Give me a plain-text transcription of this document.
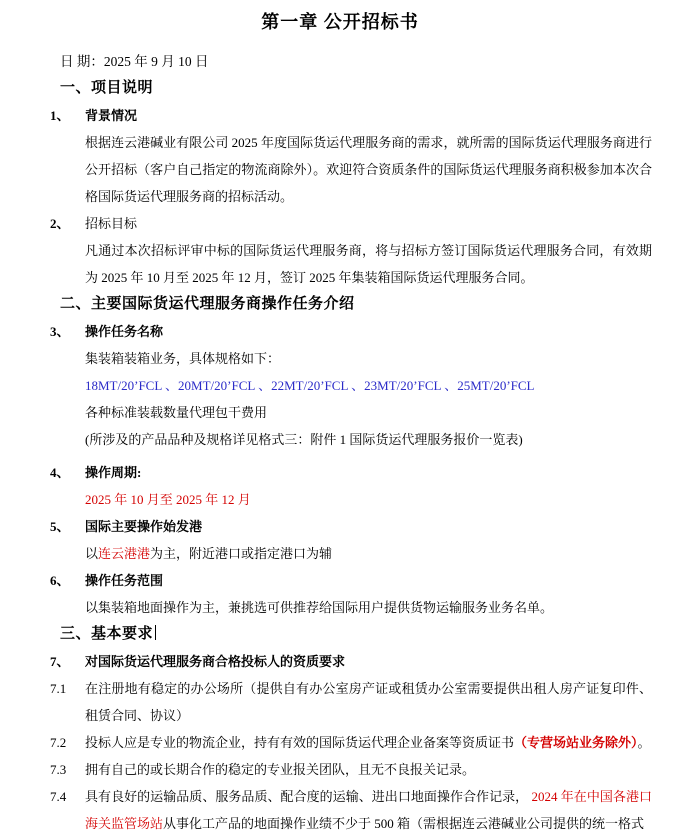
第一章 公开招标书
日 期：2025 年 9 月 10 日
一、项目说明
1、	背景情况
根据连云港碱业有限公司 2025 年度国际货运代理服务商的需求，就所需的国际货运代理服务商进行公开招标（客户自己指定的物流商除外）。欢迎符合资质条件的国际货运代理服务商积极参加本次合格国际货运代理服务商的招标活动。
2、	招标目标
凡通过本次招标评审中标的国际货运代理服务商，将与招标方签订国际货运代理服务合同，有效期为 2025 年 10 月至 2025 年 12 月，签订 2025 年集装箱国际货运代理服务合同。
二、主要国际货运代理服务商操作任务介绍
3、	操作任务名称
集装箱装箱业务，具体规格如下：
18MT/20’FCL 、20MT/20’FCL 、22MT/20’FCL 、23MT/20’FCL 、25MT/20’FCL
各种标准装载数量代理包干费用
(所涉及的产品品种及规格详见格式三：附件 1 国际货运代理服务报价一览表)
4、	操作周期:
2025 年 10 月至 2025 年 12 月
5、	国际主要操作始发港
以连云港港为主，附近港口或指定港口为辅
6、	操作任务范围
以集装箱地面操作为主，兼挑选可供推荐给国际用户提供货物运输服务业务名单。
三、基本要求
7、	对国际货运代理服务商合格投标人的资质要求
7.1	在注册地有稳定的办公场所（提供自有办公室房产证或租赁办公室需要提供出租人房产证复印件、租赁合同、协议）
7.2	投标人应是专业的物流企业，持有有效的国际货运代理企业备案等资质证书（专营场站业务除外）。
7.3	拥有自己的或长期合作的稳定的专业报关团队，且无不良报关记录。
7.4	具有良好的运输品质、服务品质、配合度的运输、进出口地面操作合作记录， 2024 年在中国各港口海关监管场站从事化工产品的地面操作业绩不少于 500 箱（需根据连云港碱业公司提供的统一格式
